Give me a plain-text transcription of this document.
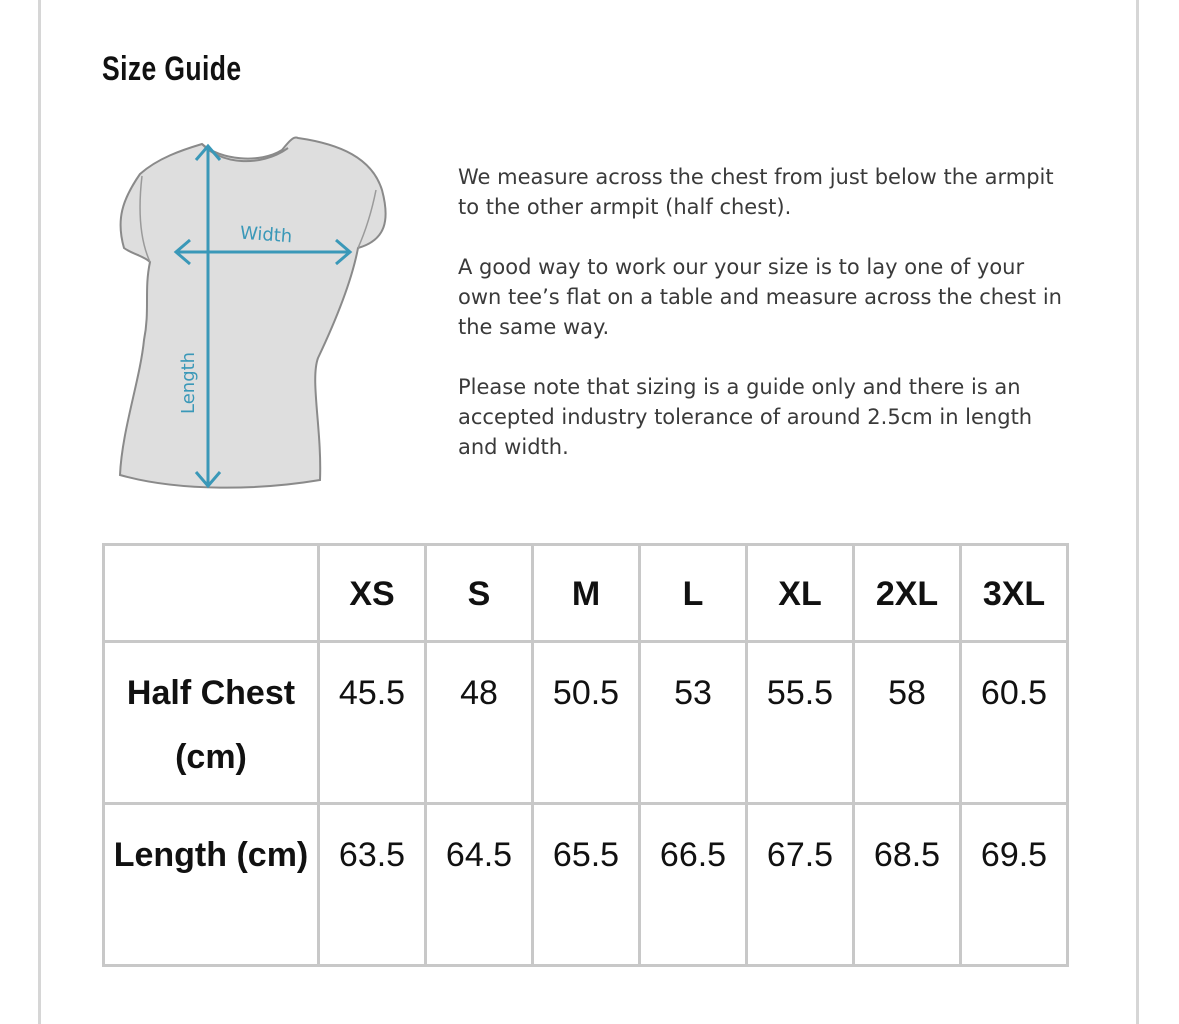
Size Guide
Width
Length

We measure across the chest from just below the armpit to the other armpit (half chest).

A good way to work our your size is to lay one of your own tee’s flat on a table and measure across the chest in the same way.

Please note that sizing is a guide only and there is an accepted industry tolerance of around 2.5cm in length and width.

	XS	S	M	L	XL	2XL	3XL
Half Chest (cm)	45.5	48	50.5	53	55.5	58	60.5
Length (cm)	63.5	64.5	65.5	66.5	67.5	68.5	69.5
